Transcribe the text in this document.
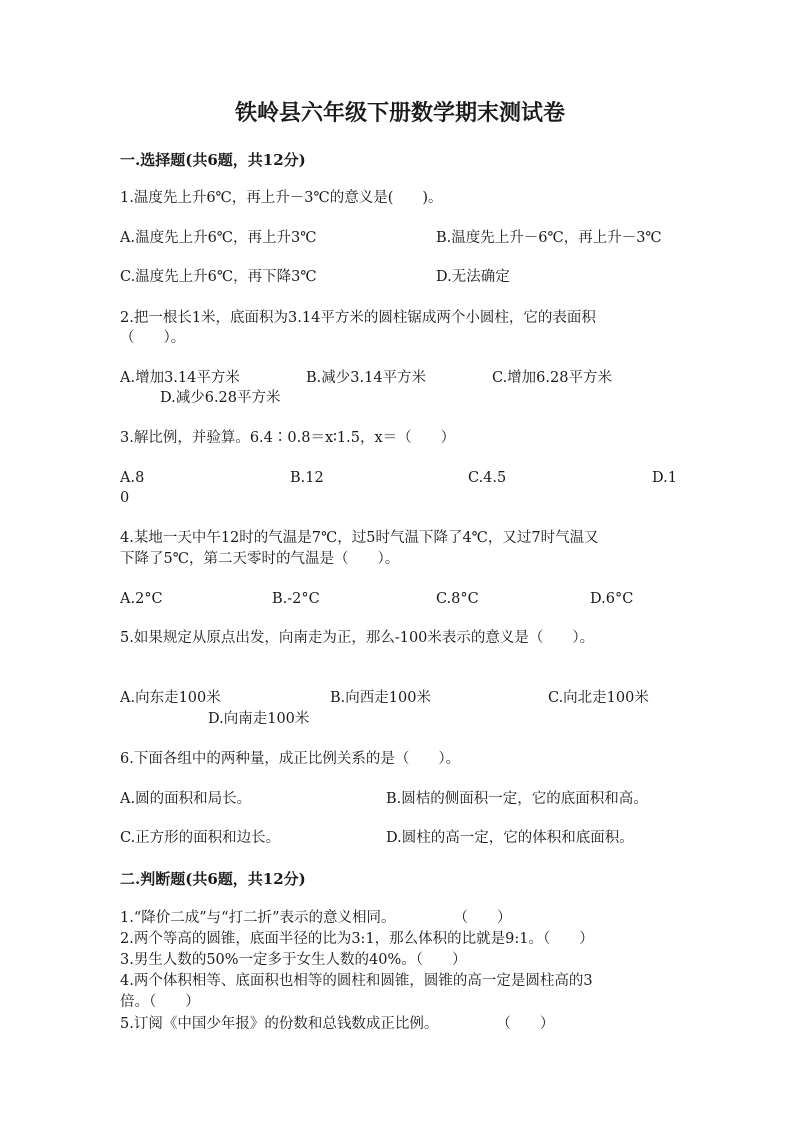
铁岭县六年级下册数学期末测试卷
一.选择题(共6题，共12分)
1.温度先上升6℃，再上升－3℃的意义是(　　)。
A.温度先上升6℃，再上升3℃	B.温度先上升－6℃，再上升－3℃
C.温度先上升6℃，再下降3℃	D.无法确定
2.把一根长1米，底面积为3.14平方米的圆柱锯成两个小圆柱，它的表面积
（　　）。
A.增加3.14平方米	B.减少3.14平方米	C.增加6.28平方米
D.减少6.28平方米
3.解比例，并验算。6.4∶0.8＝x∶1.5，x＝（　　）
A.8	B.12	C.4.5	D.1
0
4.某地一天中午12时的气温是7℃，过5时气温下降了4℃，又过7时气温又
下降了5℃，第二天零时的气温是（　　）。
A.2°C	B.-2°C	C.8°C	D.6°C
5.如果规定从原点出发，向南走为正，那么-100米表示的意义是（　　）。
A.向东走100米	B.向西走100米	C.向北走100米
D.向南走100米
6.下面各组中的两种量，成正比例关系的是（　　）。
A.圆的面积和局长。	B.圆桔的侧面积一定，它的底面积和高。
C.正方形的面积和边长。	D.圆柱的高一定，它的体积和底面积。
二.判断题(共6题，共12分)
1.“降价二成”与“打二折”表示的意义相同。　　　　　（　　）
2.两个等高的圆锥，底面半径的比为3:1，那么体积的比就是9:1。（　　）
3.男生人数的50%一定多于女生人数的40%。（　　）
4.两个体积相等、底面积也相等的圆柱和圆锥，圆锥的高一定是圆柱高的3
倍。（　　）
5.订阅《中国少年报》的份数和总钱数成正比例。　　　　　（　　）
